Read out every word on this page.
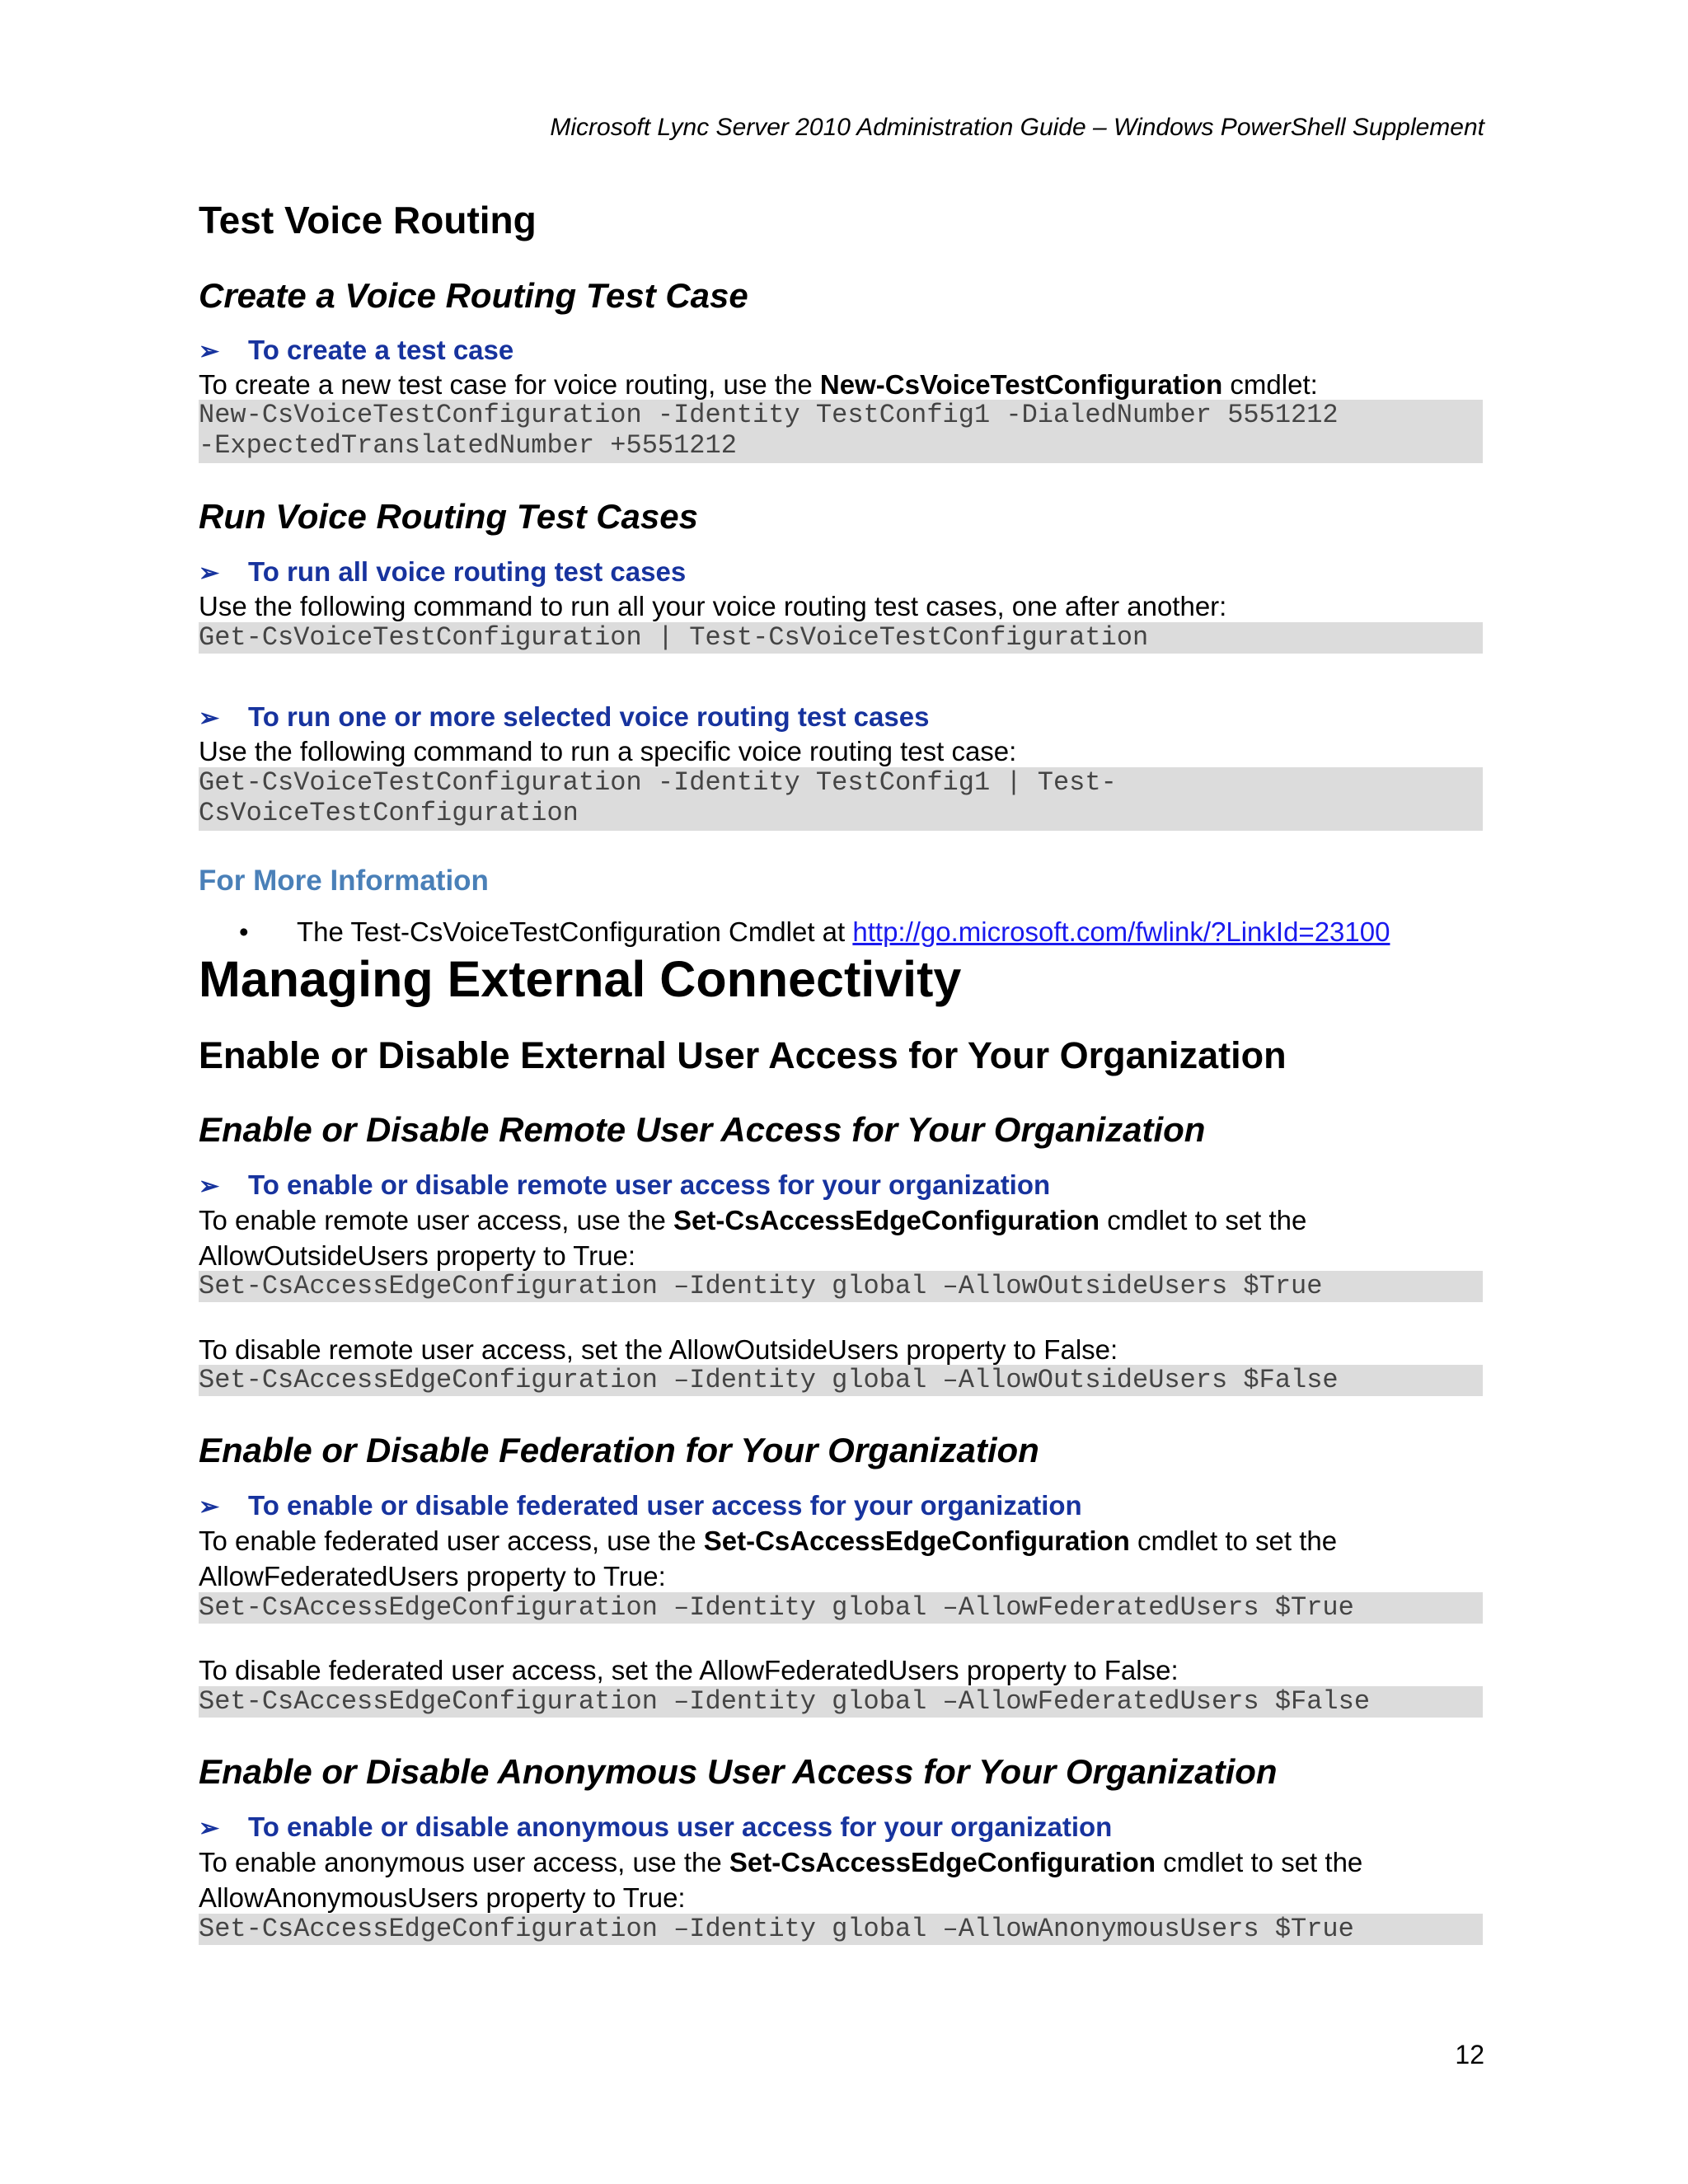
Microsoft Lync Server 2010 Administration Guide – Windows PowerShell Supplement
Test Voice Routing
Create a Voice Routing Test Case
➢ To create a test case
To create a new test case for voice routing, use the New-CsVoiceTestConfiguration cmdlet:
New-CsVoiceTestConfiguration -Identity TestConfig1 -DialedNumber 5551212
-ExpectedTranslatedNumber +5551212
Run Voice Routing Test Cases
➢ To run all voice routing test cases
Use the following command to run all your voice routing test cases, one after another:
Get-CsVoiceTestConfiguration | Test-CsVoiceTestConfiguration
➢ To run one or more selected voice routing test cases
Use the following command to run a specific voice routing test case:
Get-CsVoiceTestConfiguration -Identity TestConfig1 | Test-
CsVoiceTestConfiguration
For More Information
• The Test-CsVoiceTestConfiguration Cmdlet at http://go.microsoft.com/fwlink/?LinkId=23100
Managing External Connectivity
Enable or Disable External User Access for Your Organization
Enable or Disable Remote User Access for Your Organization
➢ To enable or disable remote user access for your organization
To enable remote user access, use the Set-CsAccessEdgeConfiguration cmdlet to set the
AllowOutsideUsers property to True:
Set-CsAccessEdgeConfiguration –Identity global –AllowOutsideUsers $True
To disable remote user access, set the AllowOutsideUsers property to False:
Set-CsAccessEdgeConfiguration –Identity global –AllowOutsideUsers $False
Enable or Disable Federation for Your Organization
➢ To enable or disable federated user access for your organization
To enable federated user access, use the Set-CsAccessEdgeConfiguration cmdlet to set the
AllowFederatedUsers property to True:
Set-CsAccessEdgeConfiguration –Identity global –AllowFederatedUsers $True
To disable federated user access, set the AllowFederatedUsers property to False:
Set-CsAccessEdgeConfiguration –Identity global –AllowFederatedUsers $False
Enable or Disable Anonymous User Access for Your Organization
➢ To enable or disable anonymous user access for your organization
To enable anonymous user access, use the Set-CsAccessEdgeConfiguration cmdlet to set the
AllowAnonymousUsers property to True:
Set-CsAccessEdgeConfiguration –Identity global –AllowAnonymousUsers $True
12
